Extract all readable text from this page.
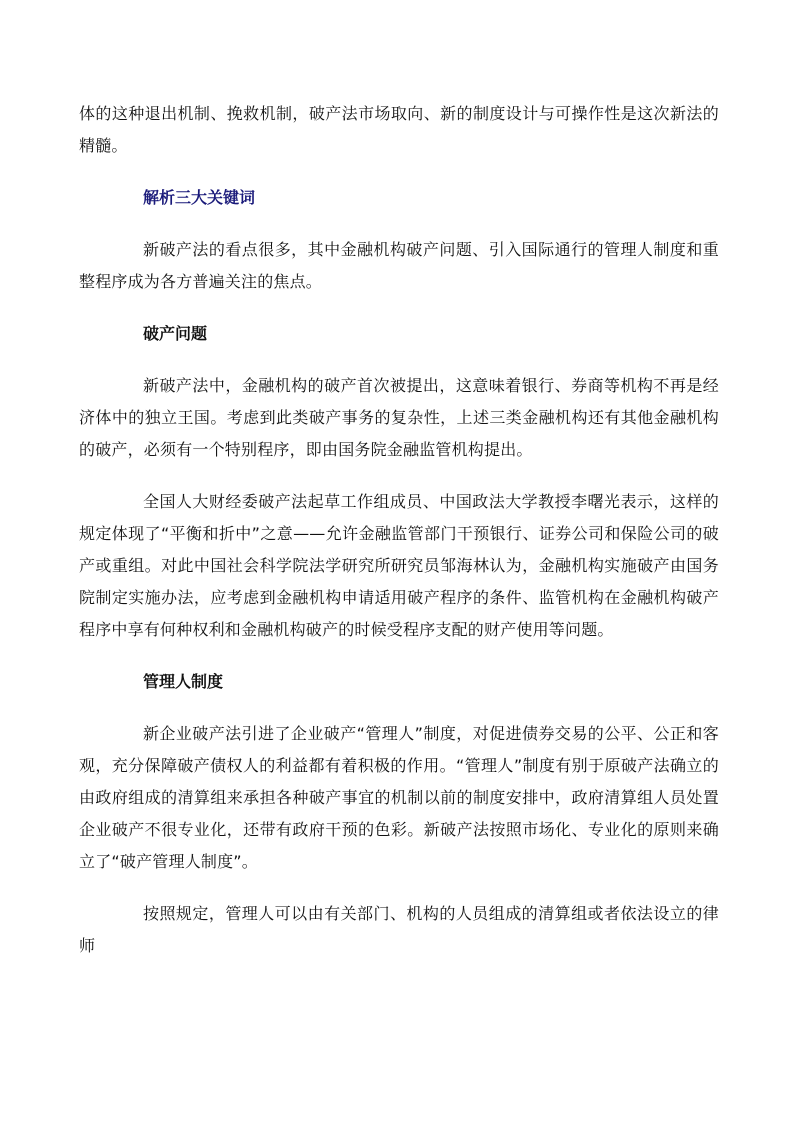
体的这种退出机制、挽救机制，破产法市场取向、新的制度设计与可操作性是这次新法的精髓。

解析三大关键词

新破产法的看点很多，其中金融机构破产问题、引入国际通行的管理人制度和重整程序成为各方普遍关注的焦点。

破产问题

新破产法中，金融机构的破产首次被提出，这意味着银行、券商等机构不再是经济体中的独立王国。考虑到此类破产事务的复杂性，上述三类金融机构还有其他金融机构的破产，必须有一个特别程序，即由国务院金融监管机构提出。

全国人大财经委破产法起草工作组成员、中国政法大学教授李曙光表示，这样的规定体现了“平衡和折中”之意——允许金融监管部门干预银行、证券公司和保险公司的破产或重组。对此中国社会科学院法学研究所研究员邹海林认为，金融机构实施破产由国务院制定实施办法，应考虑到金融机构申请适用破产程序的条件、监管机构在金融机构破产程序中享有何种权利和金融机构破产的时候受程序支配的财产使用等问题。

管理人制度

新企业破产法引进了企业破产“管理人”制度，对促进债券交易的公平、公正和客观，充分保障破产债权人的利益都有着积极的作用。“管理人”制度有别于原破产法确立的由政府组成的清算组来承担各种破产事宜的机制以前的制度安排中，政府清算组人员处置企业破产不很专业化，还带有政府干预的色彩。新破产法按照市场化、专业化的原则来确立了“破产管理人制度”。

按照规定，管理人可以由有关部门、机构的人员组成的清算组或者依法设立的律师
